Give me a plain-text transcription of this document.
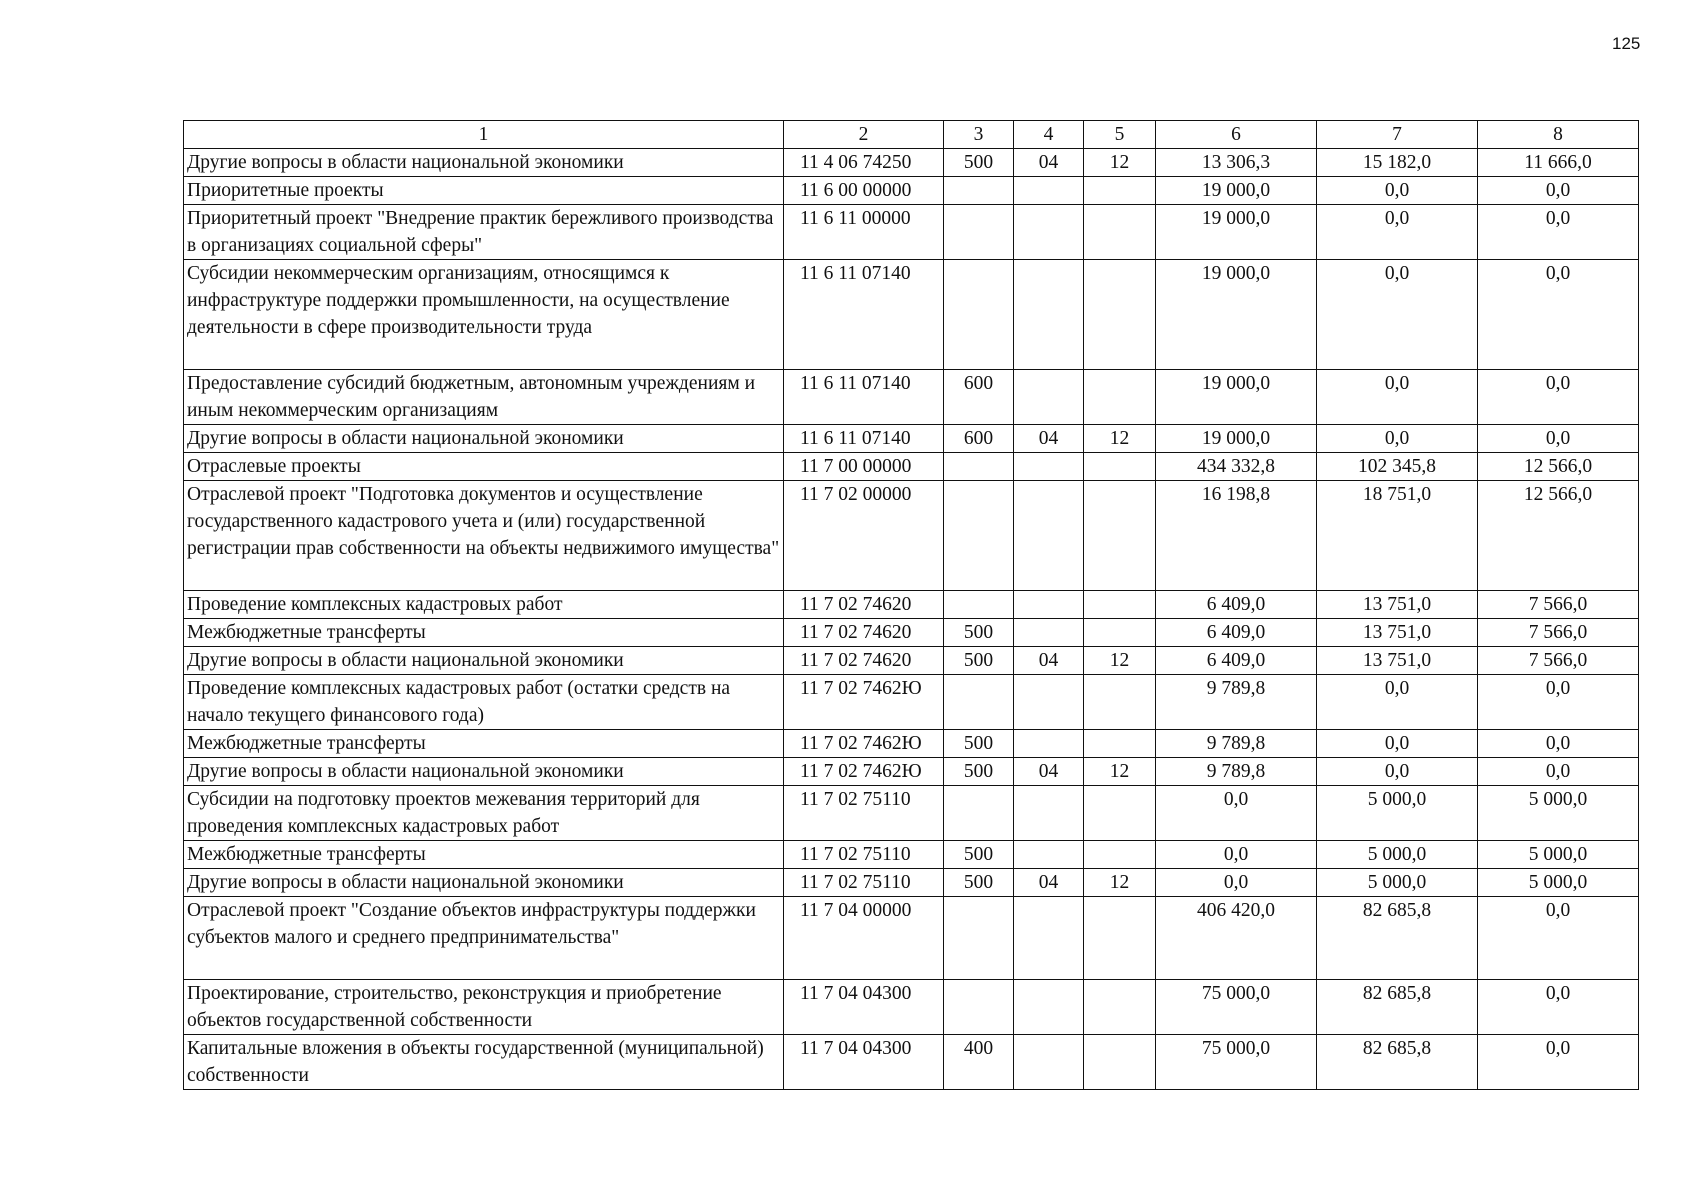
125
1	2	3	4	5	6	7	8
Другие вопросы в области национальной экономики	11 4 06 74250	500	04	12	13 306,3	15 182,0	11 666,0
Приоритетные проекты	11 6 00 00000				19 000,0	0,0	0,0
Приоритетный проект "Внедрение практик бережливого производства в организациях социальной сферы"	11 6 11 00000				19 000,0	0,0	0,0
Субсидии некоммерческим организациям, относящимся к инфраструктуре поддержки промышленности, на осуществление деятельности в сфере производительности труда	11 6 11 07140				19 000,0	0,0	0,0
Предоставление субсидий бюджетным, автономным учреждениям и иным некоммерческим организациям	11 6 11 07140	600			19 000,0	0,0	0,0
Другие вопросы в области национальной экономики	11 6 11 07140	600	04	12	19 000,0	0,0	0,0
Отраслевые проекты	11 7 00 00000				434 332,8	102 345,8	12 566,0
Отраслевой проект "Подготовка документов и осуществление государственного кадастрового учета и (или) государственной регистрации прав собственности на объекты недвижимого имущества"	11 7 02 00000				16 198,8	18 751,0	12 566,0
Проведение комплексных кадастровых работ	11 7 02 74620				6 409,0	13 751,0	7 566,0
Межбюджетные трансферты	11 7 02 74620	500			6 409,0	13 751,0	7 566,0
Другие вопросы в области национальной экономики	11 7 02 74620	500	04	12	6 409,0	13 751,0	7 566,0
Проведение комплексных кадастровых работ (остатки средств на начало текущего финансового года)	11 7 02 7462Ю				9 789,8	0,0	0,0
Межбюджетные трансферты	11 7 02 7462Ю	500			9 789,8	0,0	0,0
Другие вопросы в области национальной экономики	11 7 02 7462Ю	500	04	12	9 789,8	0,0	0,0
Субсидии на подготовку проектов межевания территорий для проведения комплексных кадастровых работ	11 7 02 75110				0,0	5 000,0	5 000,0
Межбюджетные трансферты	11 7 02 75110	500			0,0	5 000,0	5 000,0
Другие вопросы в области национальной экономики	11 7 02 75110	500	04	12	0,0	5 000,0	5 000,0
Отраслевой проект "Создание объектов инфраструктуры поддержки субъектов малого и среднего предпринимательства"	11 7 04 00000				406 420,0	82 685,8	0,0
Проектирование, строительство, реконструкция и приобретение объектов государственной собственности	11 7 04 04300				75 000,0	82 685,8	0,0
Капитальные вложения в объекты государственной (муниципальной) собственности	11 7 04 04300	400			75 000,0	82 685,8	0,0
